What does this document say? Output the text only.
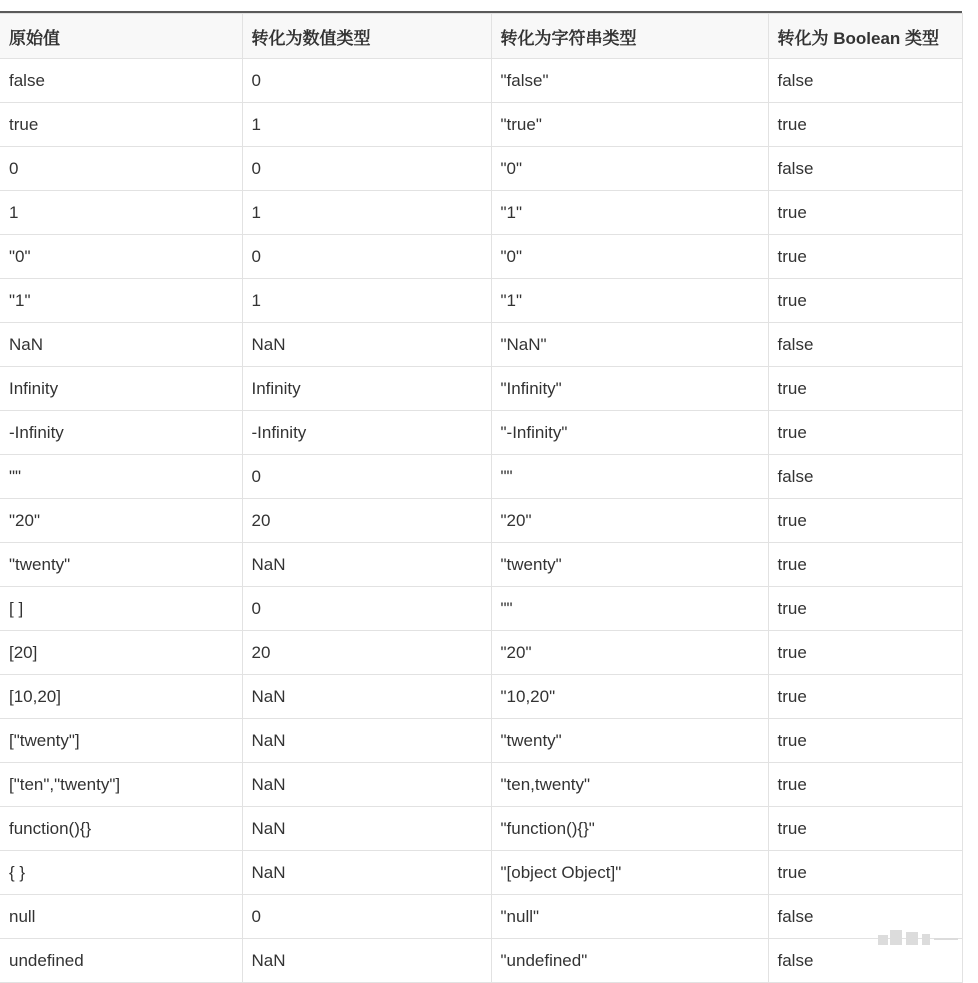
原始值	转化为数值类型	转化为字符串类型	转化为 Boolean 类型
false	0	"false"	false
true	1	"true"	true
0	0	"0"	false
1	1	"1"	true
"0"	0	"0"	true
"1"	1	"1"	true
NaN	NaN	"NaN"	false
Infinity	Infinity	"Infinity"	true
-Infinity	-Infinity	"-Infinity"	true
""	0	""	false
"20"	20	"20"	true
"twenty"	NaN	"twenty"	true
[ ]	0	""	true
[20]	20	"20"	true
[10,20]	NaN	"10,20"	true
["twenty"]	NaN	"twenty"	true
["ten","twenty"]	NaN	"ten,twenty"	true
function(){}	NaN	"function(){}"	true
{ }	NaN	"[object Object]"	true
null	0	"null"	false
undefined	NaN	"undefined"	false
